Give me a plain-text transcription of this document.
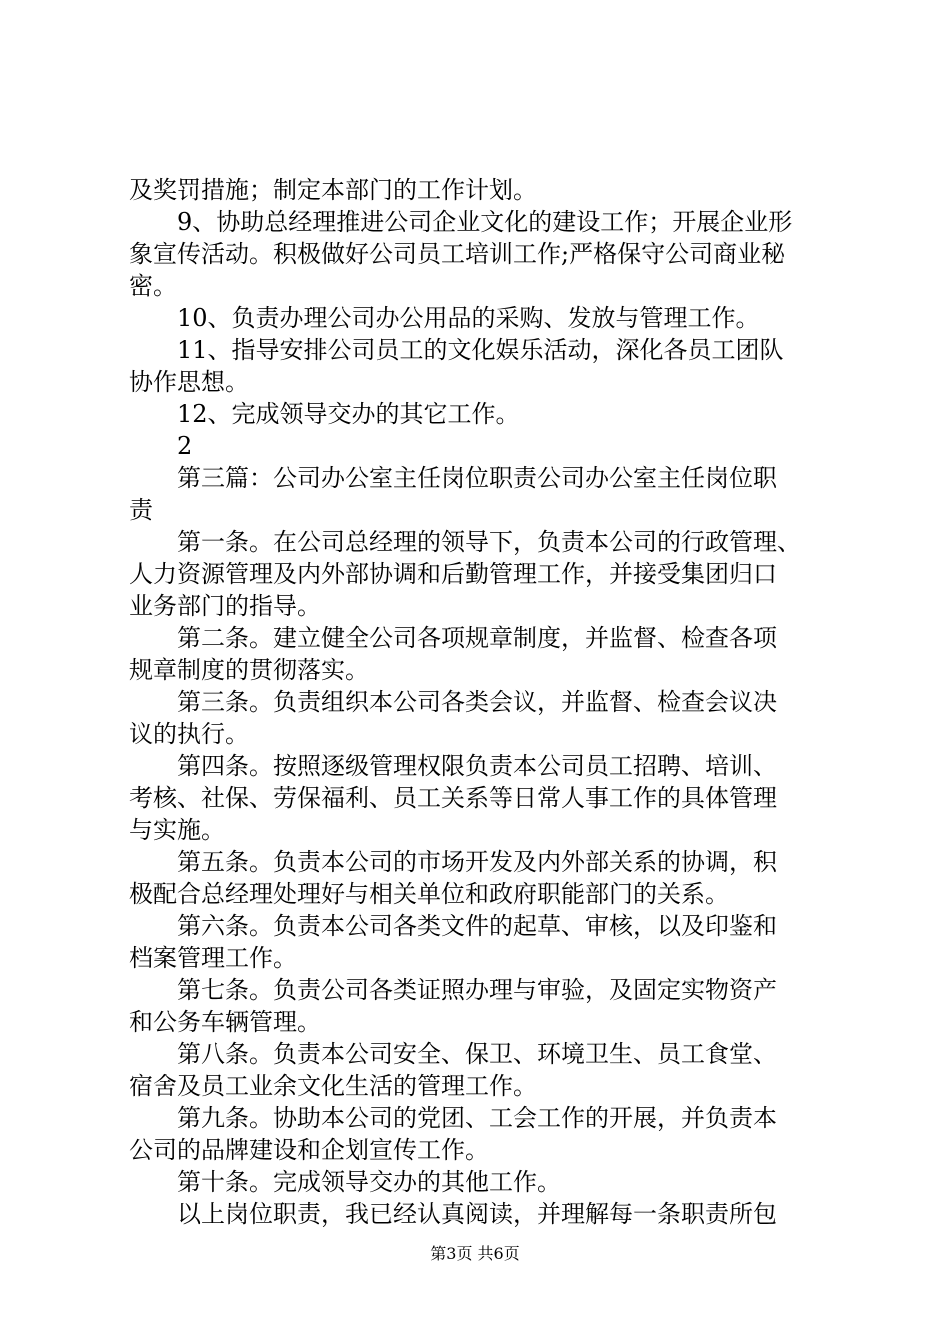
及奖罚措施；制定本部门的工作计划。

　　9、协助总经理推进公司企业文化的建设工作；开展企业形

象宣传活动。积极做好公司员工培训工作;严格保守公司商业秘

密。

　　10、负责办理公司办公用品的采购、发放与管理工作。

　　11、指导安排公司员工的文化娱乐活动，深化各员工团队

协作思想。

　　12、完成领导交办的其它工作。

　　2

　　第三篇：公司办公室主任岗位职责公司办公室主任岗位职

责

　　第一条。在公司总经理的领导下，负责本公司的行政管理、

人力资源管理及内外部协调和后勤管理工作，并接受集团归口

业务部门的指导。

　　第二条。建立健全公司各项规章制度，并监督、检查各项

规章制度的贯彻落实。

　　第三条。负责组织本公司各类会议，并监督、检查会议决

议的执行。

　　第四条。按照逐级管理权限负责本公司员工招聘、培训、

考核、社保、劳保福利、员工关系等日常人事工作的具体管理

与实施。

　　第五条。负责本公司的市场开发及内外部关系的协调，积

极配合总经理处理好与相关单位和政府职能部门的关系。

　　第六条。负责本公司各类文件的起草、审核，以及印鉴和

档案管理工作。

　　第七条。负责公司各类证照办理与审验，及固定实物资产

和公务车辆管理。

　　第八条。负责本公司安全、保卫、环境卫生、员工食堂、

宿舍及员工业余文化生活的管理工作。

　　第九条。协助本公司的党团、工会工作的开展，并负责本

公司的品牌建设和企划宣传工作。

　　第十条。完成领导交办的其他工作。

　　以上岗位职责，我已经认真阅读，并理解每一条职责所包

第3页 共6页
